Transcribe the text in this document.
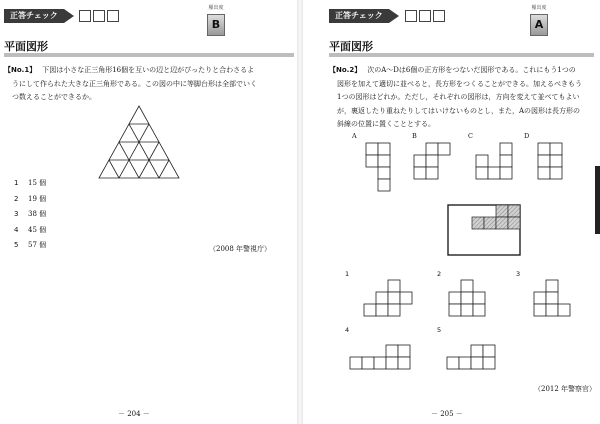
正答チェック
頻出度
B
平面図形
【No.1】 下図は小さな正三角形16個を互いの辺と辺がぴったりと合わさるよ
うにして作られた大きな正三角形である。この図の中に等脚台形は全部でいく
つ数えることができるか。
1 15 個
2 19 個
3 38 個
4 45 個
5 57 個	（2008 年警視庁）
－ 204 －
正答チェック
頻出度
A
平面図形
【No.2】 次のA～Dは6個の正方形をつないだ図形である。これにもう1つの
図形を加えて適切に並べると，長方形をつくることができる。加えるべきもう
1つの図形はどれか。ただし，それぞれの図形は，方向を変えて並べてもよい
が，裏返したり重ねたりしてはいけないものとし，また，Aの図形は長方形の
斜線の位置に置くこととする。
A	B	C	D
1	2	3
4	5
（2012 年警察官）
－ 205 －
